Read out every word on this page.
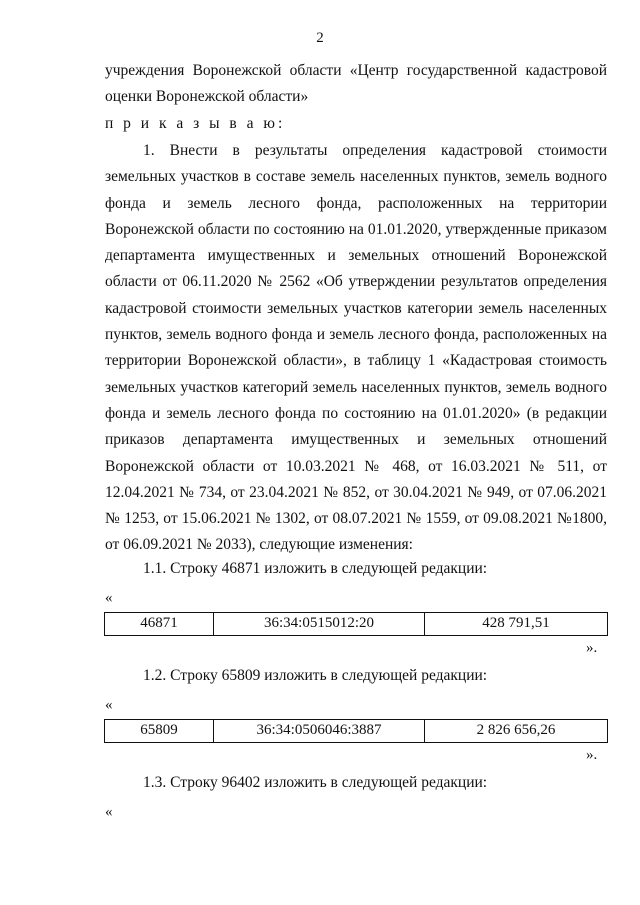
2

учреждения Воронежской области «Центр государственной кадастровой оценки Воронежской области»

п р и к а з ы в а ю:

1. Внести в результаты определения кадастровой стоимости земельных участков в составе земель населенных пунктов, земель водного фонда и земель лесного фонда, расположенных на территории Воронежской области по состоянию на 01.01.2020, утвержденные приказом департамента имущественных и земельных отношений Воронежской области от 06.11.2020 № 2562 «Об утверждении результатов определения кадастровой стоимости земельных участков категории земель населенных пунктов, земель водного фонда и земель лесного фонда, расположенных на территории Воронежской области», в таблицу 1 «Кадастровая стоимость земельных участков категорий земель населенных пунктов, земель водного фонда и земель лесного фонда по состоянию на 01.01.2020» (в редакции приказов департамента имущественных и земельных отношений Воронежской области от 10.03.2021 № 468, от 16.03.2021 № 511, от 12.04.2021 № 734, от 23.04.2021 № 852, от 30.04.2021 № 949, от 07.06.2021 № 1253, от 15.06.2021 № 1302, от 08.07.2021 № 1559, от 09.08.2021 №1800, от 06.09.2021 № 2033), следующие изменения:

1.1. Строку 46871 изложить в следующей редакции:

«

46871	36:34:0515012:20	428 791,51

».

1.2. Строку 65809 изложить в следующей редакции:

«

65809	36:34:0506046:3887	2 826 656,26

».

1.3. Строку 96402 изложить в следующей редакции:

«
